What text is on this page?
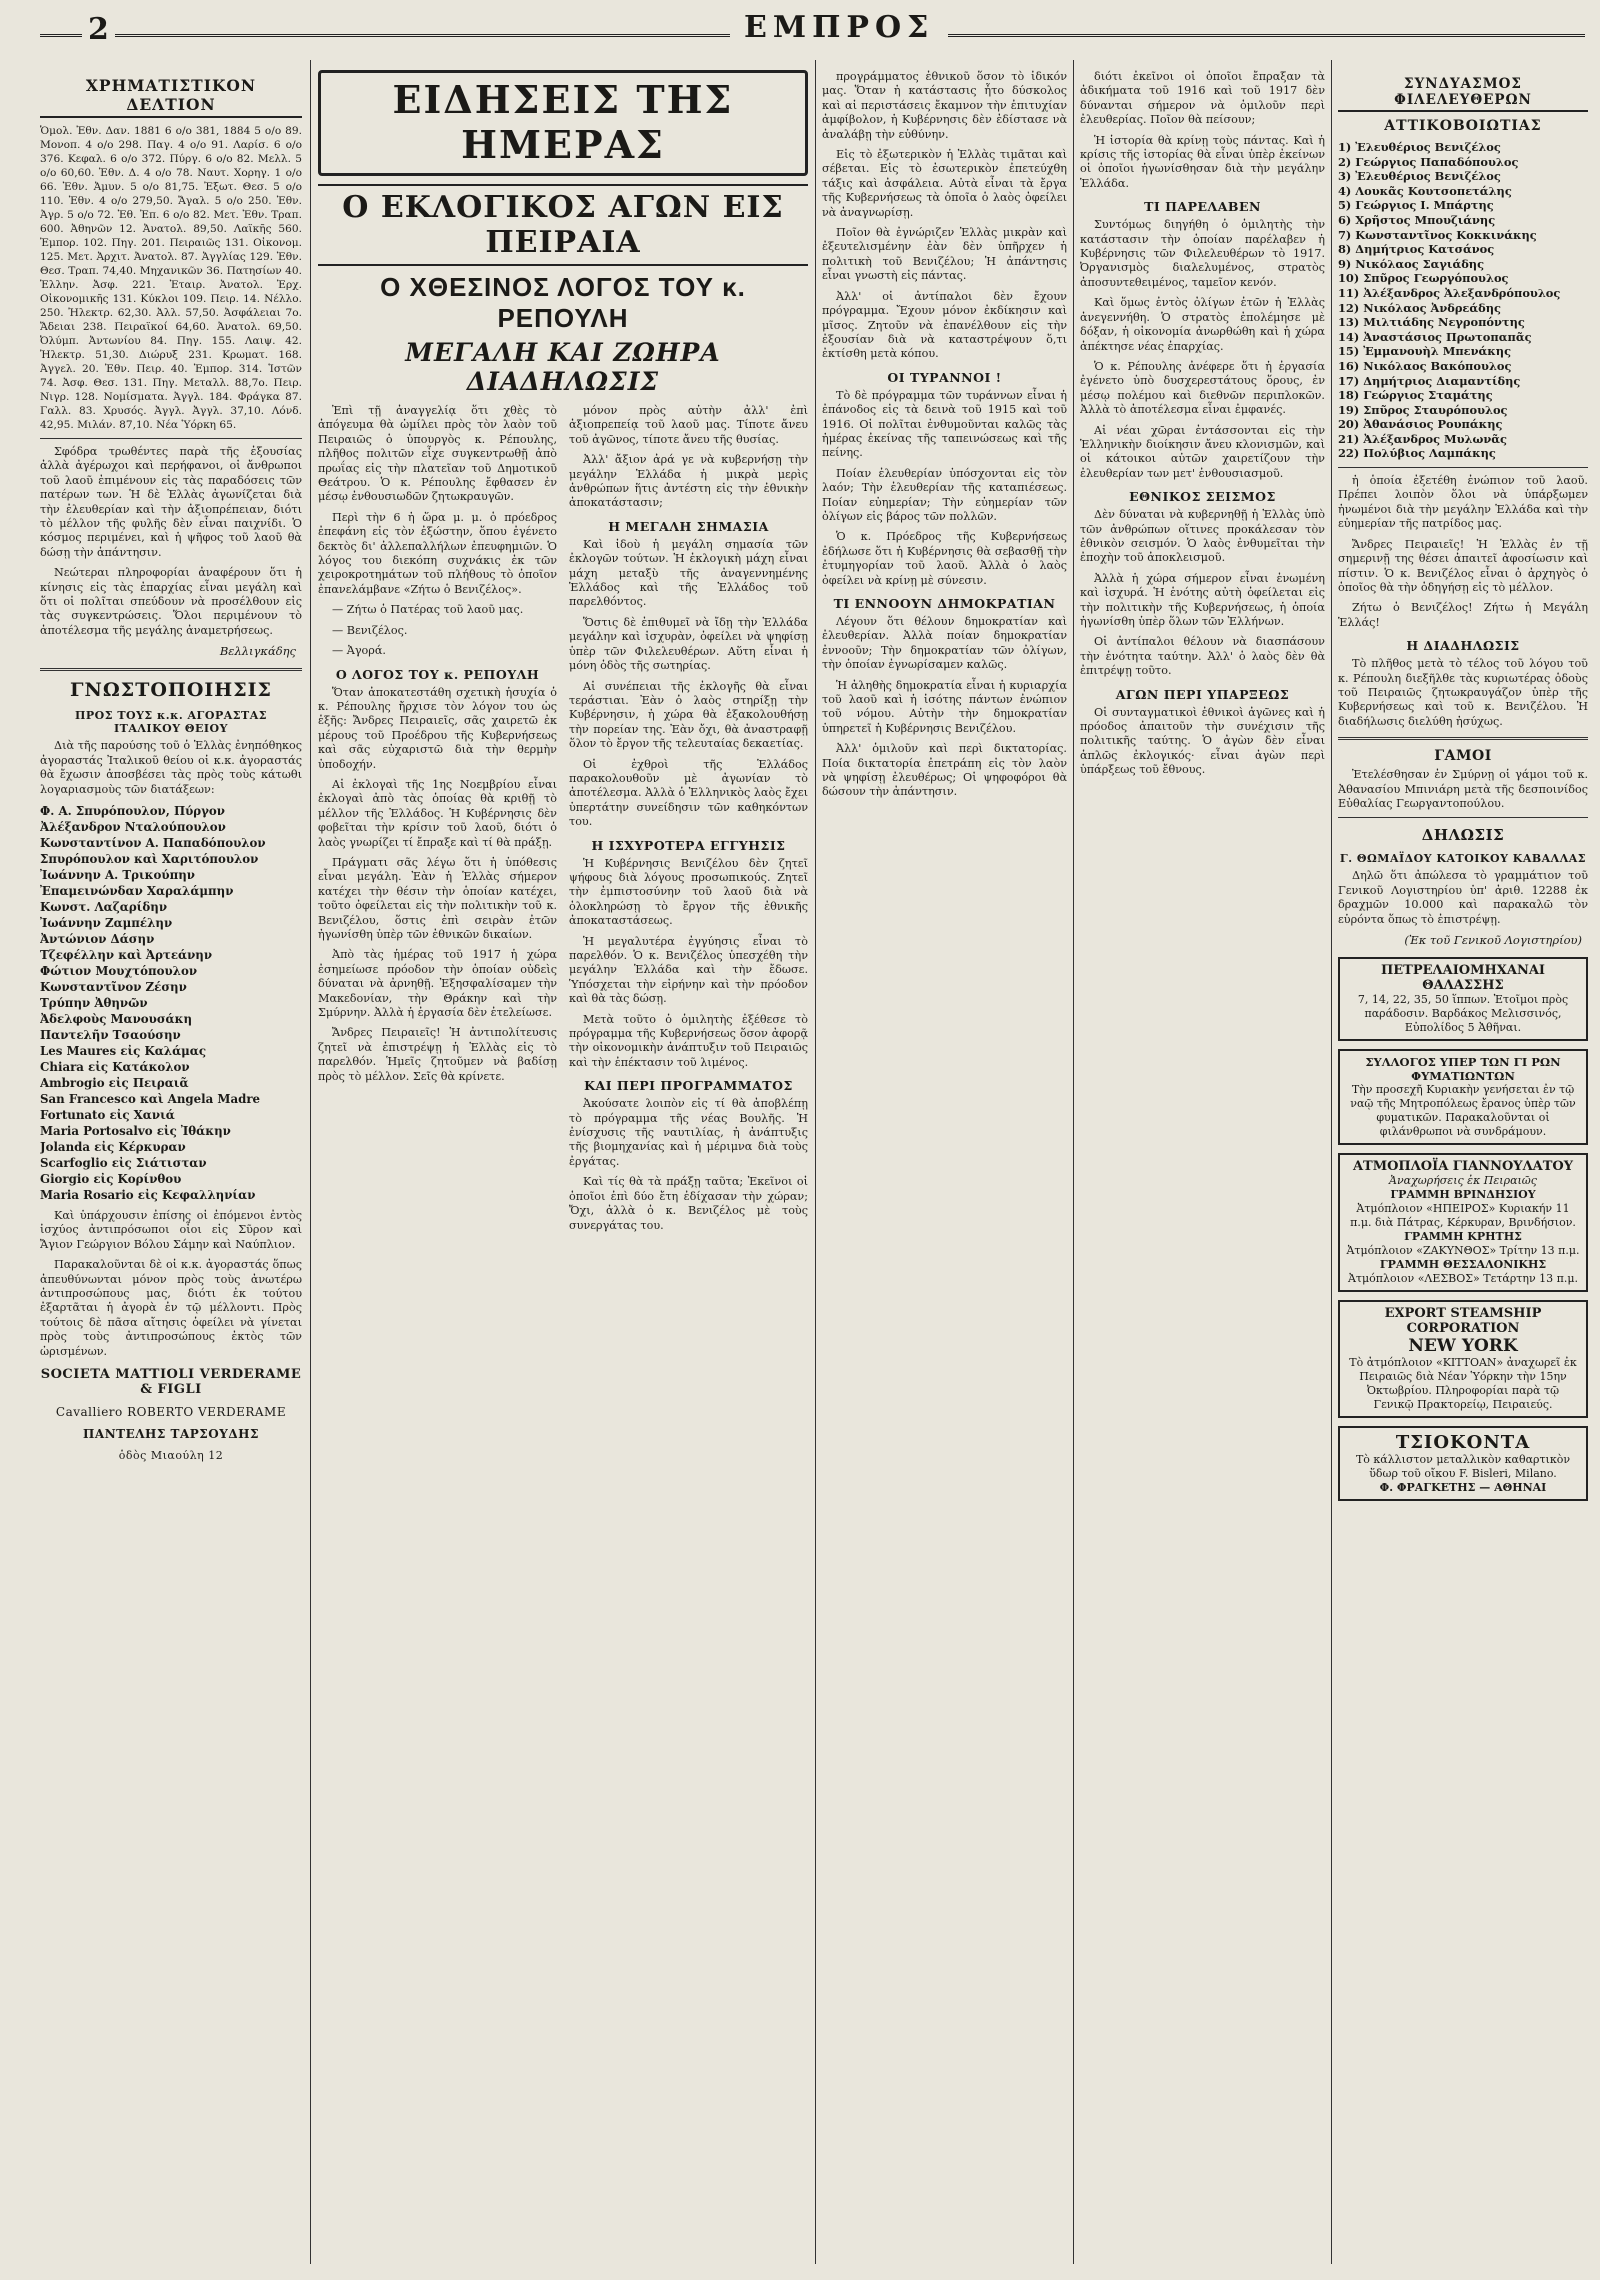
2	ΕΜΠΡΟΣ
ΧΡΗΜΑΤΙΣΤΙΚΟΝ ΔΕΛΤΙΟΝ

Ὁμολ. Ἐθν. Δαν. 1881 6 ο/ο 381, 1884 5 ο/ο 89. Μονοπ. 4 ο/ο 298. Παγ. 4 ο/ο 91. Λαρίσ. 6 ο/ο 376. Κεφαλ. 6 ο/ο 372. Πύργ. 6 ο/ο 82. Μελλ. 5 ο/ο 60,60. Ἐθν. Δ. 4 ο/ο 78. Ναυτ. Χορηγ. 1 ο/ο 66. Ἐθν. Ἀμυν. 5 ο/ο 81,75. Ἐξωτ. Θεσ. 5 ο/ο 110. Ἐθν. 4 ο/ο 279,50. Ἄγαλ. 5 ο/ο 250. Ἐθν. Ἀγρ. 5 ο/ο 72. Ἐθ. Ἐπ. 6 ο/ο 82. Μετ. Ἐθν. Τραπ. 600. Ἀθηνῶν 12. Ἀνατολ. 89,50. Λαϊκῆς 560. Ἐμπορ. 102. Πηγ. 201. Πειραιῶς 131. Οἰκονομ. 125. Μετ. Ἀρχιτ. Ἀνατολ. 87. Ἀγγλίας 129. Ἐθν. Θεσ. Τραπ. 74,40. Μηχανικῶν 36. Πατησίων 40. Ἑλλην. Ἀσφ. 221. Ἐταιρ. Ἀνατολ. Ἐρχ. Οἰκονομικῆς 131. Κύκλοι 109. Πειρ. 14. Νέλλο. 250. Ἠλεκτρ. 62,30. Ἀλλ. 57,50. Ἀσφάλειαι 7ο. Ἄδειαι 238. Πειραϊκοί 64,60. Ἀνατολ. 69,50. Ὀλύμπ. Ἀντωνίου 84. Πηγ. 155. Λαιψ. 42. Ἠλεκτρ. 51,30. Διώρυξ 231. Κρωματ. 168. Ἀγγελ. 20. Ἐθν. Πειρ. 40. Ἐμπορ. 314. Ἱστῶν 74. Ἀσφ. Θεσ. 131. Πηγ. Μεταλλ. 88,7ο. Πειρ. Νιγρ. 128. Νομίσματα. Ἀγγλ. 184. Φράγκα 87. Γαλλ. 83. Χρυσός. Ἀγγλ. Ἀγγλ. 37,10. Λόνδ. 42,95. Μιλάν. 87,10. Νέα Ὑόρκη 65.

Σφόδρα τρωθέντες παρὰ τῆς ἐξουσίας ἀλλὰ ἀγέρωχοι καὶ περήφανοι, οἱ ἄνθρωποι τοῦ λαοῦ ἐπιμένουν εἰς τὰς παραδόσεις τῶν πατέρων των. Ἡ δὲ Ἑλλὰς ἀγωνίζεται διὰ τὴν ἐλευθερίαν καὶ τὴν ἀξιοπρέπειαν, διότι τὸ μέλλον τῆς φυλῆς δὲν εἶναι παιχνίδι. Ὁ κόσμος περιμένει, καὶ ἡ ψῆφος τοῦ λαοῦ θὰ δώσῃ τὴν ἀπάντησιν.

Νεώτεραι πληροφορίαι ἀναφέρουν ὅτι ἡ κίνησις εἰς τὰς ἐπαρχίας εἶναι μεγάλη καὶ ὅτι οἱ πολῖται σπεύδουν νὰ προσέλθουν εἰς τὰς συγκεντρώσεις. Ὅλοι περιμένουν τὸ ἀποτέλεσμα τῆς μεγάλης ἀναμετρήσεως.

Βελλιγκάδης
ΓΝΩΣΤΟΠΟΙΗΣΙΣ
ΠΡΟΣ ΤΟΥΣ κ.κ. ΑΓΟΡΑΣΤΑΣ ΙΤΑΛΙΚΟΥ ΘΕΙΟΥ

Διὰ τῆς παρούσης τοῦ ὁ Ἑλλὰς ἐνηπόθηκος ἀγοραστάς Ἰταλικοῦ θείου οἱ κ.κ. ἀγοραστάς θὰ ἔχωσιν ἀποσβέσει τὰς πρὸς τοὺς κάτωθι λογαριασμοὺς τῶν διατάξεων:

Φ. Α. Σπυρόπουλον, Πύργον
Ἀλέξανδρον Νταλούπουλον
Κωνσταντίνον Α. Παπαδόπουλον
Σπυρόπουλον καὶ Χαριτόπουλον
Ἰωάννην Α. Τρικούπην
Ἐπαμεινώνδαν Χαραλάμπην
Κωνστ. Λαζαρίδην
Ἰωάννην Ζαμπέλην
Ἀντώνιον Δάσην
Τζεφέλλην καὶ Ἀρτεάνην
Φώτιον Μουχτόπουλον
Κωνσταντῖνον Ζέσην
Τρύπην Ἀθηνῶν
Ἀδελφοὺς Μανουσάκη
Παντελῆν Τσαούσην
Les Maures εἰς Καλάμας
Chiara εἰς Κατάκολον
Ambrogio εἰς Πειραιᾶ
San Francesco καὶ Angela Madre
Fortunato εἰς Χανιά
Maria Portosalvo εἰς Ἰθάκην
Jolanda εἰς Κέρκυραν
Scarfoglio εἰς Σιάτισταν
Giorgio εἰς Κορίνθου
Maria Rosario εἰς Κεφαλληνίαν

Καὶ ὑπάρχουσιν ἐπίσης οἱ ἐπόμενοι ἐντὸς ἰσχύος ἀντιπρόσωποι οἷοι εἰς Σῦρον καὶ Ἄγιον Γεώργιον Βόλου Σάμην καὶ Ναύπλιον.

Παρακαλοῦνται δὲ οἱ κ.κ. ἀγοραστάς ὅπως ἀπευθύνωνται μόνον πρὸς τοὺς ἀνωτέρω ἀντιπροσώπους μας, διότι ἐκ τούτου ἐξαρτᾶται ἡ ἀγορὰ ἐν τῷ μέλλοντι. Πρὸς τούτοις δὲ πᾶσα αἴτησις ὁφείλει νὰ γίνεται πρὸς τοὺς ἀντιπροσώπους ἐκτὸς τῶν ὡρισμένων.

SOCIETA MATTIOLI VERDERAME & FIGLI
Cavalliero ROBERTO VERDERAME
ΠΑΝΤΕΛΗΣ ΤΑΡΣΟΥΔΗΣ
ὁδὸς Μιαούλη 12
ΕΙΔΗΣΕΙΣ ΤΗΣ ΗΜΕΡΑΣ
Ο ΕΚΛΟΓΙΚΟΣ ΑΓΩΝ ΕΙΣ ΠΕΙΡΑΙΑ
Ο ΧΘΕΣΙΝΟΣ ΛΟΓΟΣ ΤΟΥ κ. ΡΕΠΟΥΛΗ
ΜΕΓΑΛΗ ΚΑΙ ΖΩΗΡΑ ΔΙΑΔΗΛΩΣΙΣ

Ἐπὶ τῇ ἀναγγελίᾳ ὅτι χθὲς τὸ ἀπόγευμα θὰ ὡμίλει πρὸς τὸν λαὸν τοῦ Πειραιῶς ὁ ὑπουργὸς κ. Ρέπουλης, πλῆθος πολιτῶν εἶχε συγκεντρωθῇ ἀπὸ πρωΐας εἰς τὴν πλατεῖαν τοῦ Δημοτικοῦ Θεάτρου. Ὁ κ. Ρέπουλης ἔφθασεν ἐν μέσῳ ἐνθουσιωδῶν ζητωκραυγῶν.

Περὶ τὴν 6 ἡ ὥρα μ. μ. ὁ πρόεδρος ἐπεφάνη εἰς τὸν ἐξώστην, ὅπου ἐγένετο δεκτὸς δι' ἀλλεπαλλήλων ἐπευφημιῶν. Ὁ λόγος του διεκόπη συχνάκις ἐκ τῶν χειροκροτημάτων τοῦ πλήθους τὸ ὁποῖον ἐπανελάμβανε «Ζήτω ὁ Βενιζέλος».

— Ζήτω ὁ Πατέρας τοῦ λαοῦ μας.

— Βενιζέλος.

— Ἀγορά.

Ο ΛΟΓΟΣ ΤΟΥ κ. ΡΕΠΟΥΛΗ

Ὅταν ἀποκατεστάθη σχετικὴ ἡσυχία ὁ κ. Ρέπουλης ἤρχισε τὸν λόγον του ὡς ἑξῆς: Ἄνδρες Πειραιεῖς, σᾶς χαιρετῶ ἐκ μέρους τοῦ Προέδρου τῆς Κυβερνήσεως καὶ σᾶς εὐχαριστῶ διὰ τὴν θερμὴν ὑποδοχήν.

Αἱ ἐκλογαὶ τῆς 1ης Νοεμβρίου εἶναι ἐκλογαὶ ἀπὸ τὰς ὁποίας θὰ κριθῇ τὸ μέλλον τῆς Ἑλλάδος. Ἡ Κυβέρνησις δὲν φοβεῖται τὴν κρίσιν τοῦ λαοῦ, διότι ὁ λαὸς γνωρίζει τί ἔπραξε καὶ τί θὰ πράξῃ.

Πράγματι σᾶς λέγω ὅτι ἡ ὑπόθεσις εἶναι μεγάλη. Ἐὰν ἡ Ἑλλὰς σήμερον κατέχει τὴν θέσιν τὴν ὁποίαν κατέχει, τοῦτο ὀφείλεται εἰς τὴν πολιτικὴν τοῦ κ. Βενιζέλου, ὅστις ἐπὶ σειρὰν ἐτῶν ἠγωνίσθη ὑπὲρ τῶν ἐθνικῶν δικαίων.

Ἀπὸ τὰς ἡμέρας τοῦ 1917 ἡ χώρα ἐσημείωσε πρόοδον τὴν ὁποίαν οὐδεὶς δύναται νὰ ἀρνηθῇ. Ἐξησφαλίσαμεν τὴν Μακεδονίαν, τὴν Θράκην καὶ τὴν Σμύρνην. Ἀλλὰ ἡ ἐργασία δὲν ἐτελείωσε.

Ἄνδρες Πειραιεῖς! Ἡ ἀντιπολίτευσις ζητεῖ νὰ ἐπιστρέψῃ ἡ Ἑλλὰς εἰς τὸ παρελθόν. Ἡμεῖς ζητοῦμεν νὰ βαδίσῃ πρὸς τὸ μέλλον. Σεῖς θὰ κρίνετε.

μόνον πρὸς αὐτὴν ἀλλ' ἐπὶ ἀξιοπρεπείᾳ τοῦ λαοῦ μας. Τίποτε ἄνευ τοῦ ἀγῶνος, τίποτε ἄνευ τῆς θυσίας.

Ἀλλ' ἄξιον ἀρά γε νὰ κυβερνήσῃ τὴν μεγάλην Ἑλλάδα ἡ μικρὰ μερὶς ἀνθρώπων ἥτις ἀντέστη εἰς τὴν ἐθνικὴν ἀποκατάστασιν;

Η ΜΕΓΑΛΗ ΣΗΜΑΣΙΑ

Καὶ ἰδοὺ ἡ μεγάλη σημασία τῶν ἐκλογῶν τούτων. Ἡ ἐκλογικὴ μάχη εἶναι μάχη μεταξὺ τῆς ἀναγεννημένης Ἑλλάδος καὶ τῆς Ἑλλάδος τοῦ παρελθόντος.

Ὅστις δὲ ἐπιθυμεῖ νὰ ἴδῃ τὴν Ἑλλάδα μεγάλην καὶ ἰσχυρὰν, ὀφείλει νὰ ψηφίσῃ ὑπὲρ τῶν Φιλελευθέρων. Αὕτη εἶναι ἡ μόνη ὁδὸς τῆς σωτηρίας.

Αἱ συνέπειαι τῆς ἐκλογῆς θὰ εἶναι τεράστιαι. Ἐὰν ὁ λαὸς στηρίξῃ τὴν Κυβέρνησιν, ἡ χώρα θὰ ἐξακολουθήσῃ τὴν πορείαν της. Ἐὰν ὄχι, θὰ ἀναστραφῇ ὅλον τὸ ἔργον τῆς τελευταίας δεκαετίας.

Οἱ ἐχθροὶ τῆς Ἑλλάδος παρακολουθοῦν μὲ ἀγωνίαν τὸ ἀποτέλεσμα. Ἀλλὰ ὁ Ἑλληνικὸς λαὸς ἔχει ὑπερτάτην συνείδησιν τῶν καθηκόντων του.

Η ΙΣΧΥΡΟΤΕΡΑ ΕΓΓΥΗΣΙΣ

Ἡ Κυβέρνησις Βενιζέλου δὲν ζητεῖ ψήφους διὰ λόγους προσωπικούς. Ζητεῖ τὴν ἐμπιστοσύνην τοῦ λαοῦ διὰ νὰ ὁλοκληρώσῃ τὸ ἔργον τῆς ἐθνικῆς ἀποκαταστάσεως.

Ἡ μεγαλυτέρα ἐγγύησις εἶναι τὸ παρελθόν. Ὁ κ. Βενιζέλος ὑπεσχέθη τὴν μεγάλην Ἑλλάδα καὶ τὴν ἔδωσε. Ὑπόσχεται τὴν εἰρήνην καὶ τὴν πρόοδον καὶ θὰ τὰς δώσῃ.

Μετὰ τοῦτο ὁ ὁμιλητὴς ἐξέθεσε τὸ πρόγραμμα τῆς Κυβερνήσεως ὅσον ἀφορᾷ τὴν οἰκονομικὴν ἀνάπτυξιν τοῦ Πειραιῶς καὶ τὴν ἐπέκτασιν τοῦ λιμένος.

ΚΑΙ ΠΕΡΙ ΠΡΟΓΡΑΜΜΑΤΟΣ

Ἀκούσατε λοιπὸν εἰς τί θὰ ἀποβλέπῃ τὸ πρόγραμμα τῆς νέας Βουλῆς. Ἡ ἐνίσχυσις τῆς ναυτιλίας, ἡ ἀνάπτυξις τῆς βιομηχανίας καὶ ἡ μέριμνα διὰ τοὺς ἐργάτας.

Καὶ τίς θὰ τὰ πράξῃ ταῦτα; Ἐκεῖνοι οἱ ὁποῖοι ἐπὶ δύο ἔτη ἐδίχασαν τὴν χώραν; Ὄχι, ἀλλὰ ὁ κ. Βενιζέλος μὲ τοὺς συνεργάτας του.

προγράμματος ἐθνικοῦ ὅσον τὸ ἰδικόν μας. Ὅταν ἡ κατάστασις ἦτο δύσκολος καὶ αἱ περιστάσεις ἔκαμνον τὴν ἐπιτυχίαν ἀμφίβολον, ἡ Κυβέρνησις δὲν ἐδίστασε νὰ ἀναλάβῃ τὴν εὐθύνην.

Εἰς τὸ ἐξωτερικὸν ἡ Ἑλλὰς τιμᾶται καὶ σέβεται. Εἰς τὸ ἐσωτερικὸν ἐπετεύχθη τάξις καὶ ἀσφάλεια. Αὐτὰ εἶναι τὰ ἔργα τῆς Κυβερνήσεως τὰ ὁποῖα ὁ λαὸς ὀφείλει νὰ ἀναγνωρίσῃ.

Ποῖον θὰ ἐγνώριζεν Ἑλλὰς μικρὰν καὶ ἐξευτελισμένην ἐὰν δὲν ὑπῆρχεν ἡ πολιτικὴ τοῦ Βενιζέλου; Ἡ ἀπάντησις εἶναι γνωστὴ εἰς πάντας.

Ἀλλ' οἱ ἀντίπαλοι δὲν ἔχουν πρόγραμμα. Ἔχουν μόνον ἐκδίκησιν καὶ μῖσος. Ζητοῦν νὰ ἐπανέλθουν εἰς τὴν ἐξουσίαν διὰ νὰ καταστρέψουν ὅ,τι ἐκτίσθη μετὰ κόπου.

ΟΙ ΤΥΡΑΝΝΟΙ !

Τὸ δὲ πρόγραμμα τῶν τυράννων εἶναι ἡ ἐπάνοδος εἰς τὰ δεινὰ τοῦ 1915 καὶ τοῦ 1916. Οἱ πολῖται ἐνθυμοῦνται καλῶς τὰς ἡμέρας ἐκείνας τῆς ταπεινώσεως καὶ τῆς πείνης.

Ποίαν ἐλευθερίαν ὑπόσχονται εἰς τὸν λαόν; Τὴν ἐλευθερίαν τῆς καταπιέσεως. Ποίαν εὐημερίαν; Τὴν εὐημερίαν τῶν ὀλίγων εἰς βάρος τῶν πολλῶν.

Ὁ κ. Πρόεδρος τῆς Κυβερνήσεως ἐδήλωσε ὅτι ἡ Κυβέρνησις θὰ σεβασθῇ τὴν ἐτυμηγορίαν τοῦ λαοῦ. Ἀλλὰ ὁ λαὸς ὀφείλει νὰ κρίνῃ μὲ σύνεσιν.

ΤΙ ΕΝΝΟΟΥΝ ΔΗΜΟΚΡΑΤΙΑΝ

Λέγουν ὅτι θέλουν δημοκρατίαν καὶ ἐλευθερίαν. Ἀλλὰ ποίαν δημοκρατίαν ἐννοοῦν; Τὴν δημοκρατίαν τῶν ὀλίγων, τὴν ὁποίαν ἐγνωρίσαμεν καλῶς.

Ἡ ἀληθὴς δημοκρατία εἶναι ἡ κυριαρχία τοῦ λαοῦ καὶ ἡ ἰσότης πάντων ἐνώπιον τοῦ νόμου. Αὐτὴν τὴν δημοκρατίαν ὑπηρετεῖ ἡ Κυβέρνησις Βενιζέλου.

Ἀλλ' ὁμιλοῦν καὶ περὶ δικτατορίας. Ποία δικτατορία ἐπετράπη εἰς τὸν λαὸν νὰ ψηφίσῃ ἐλευθέρως; Οἱ ψηφοφόροι θὰ δώσουν τὴν ἀπάντησιν.

διότι ἐκεῖνοι οἱ ὁποῖοι ἔπραξαν τὰ ἀδικήματα τοῦ 1916 καὶ τοῦ 1917 δὲν δύνανται σήμερον νὰ ὁμιλοῦν περὶ ἐλευθερίας. Ποῖον θὰ πείσουν;

Ἡ ἱστορία θὰ κρίνῃ τοὺς πάντας. Καὶ ἡ κρίσις τῆς ἱστορίας θὰ εἶναι ὑπὲρ ἐκείνων οἱ ὁποῖοι ἠγωνίσθησαν διὰ τὴν μεγάλην Ἑλλάδα.

ΤΙ ΠΑΡΕΛΑΒΕΝ

Συντόμως διηγήθη ὁ ὁμιλητὴς τὴν κατάστασιν τὴν ὁποίαν παρέλαβεν ἡ Κυβέρνησις τῶν Φιλελευθέρων τὸ 1917. Ὀργανισμὸς διαλελυμένος, στρατὸς ἀποσυντεθειμένος, ταμεῖον κενόν.

Καὶ ὅμως ἐντὸς ὀλίγων ἐτῶν ἡ Ἑλλὰς ἀνεγεννήθη. Ὁ στρατὸς ἐπολέμησε μὲ δόξαν, ἡ οἰκονομία ἀνωρθώθη καὶ ἡ χώρα ἀπέκτησε νέας ἐπαρχίας.

Ὁ κ. Ρέπουλης ἀνέφερε ὅτι ἡ ἐργασία ἐγένετο ὑπὸ δυσχερεστάτους ὅρους, ἐν μέσῳ πολέμου καὶ διεθνῶν περιπλοκῶν. Ἀλλὰ τὸ ἀποτέλεσμα εἶναι ἐμφανές.

Αἱ νέαι χῶραι ἐντάσσονται εἰς τὴν Ἑλληνικὴν διοίκησιν ἄνευ κλονισμῶν, καὶ οἱ κάτοικοι αὐτῶν χαιρετίζουν τὴν ἐλευθερίαν των μετ' ἐνθουσιασμοῦ.

ΕΘΝΙΚΟΣ ΣΕΙΣΜΟΣ

Δὲν δύναται νὰ κυβερνηθῇ ἡ Ἑλλὰς ὑπὸ τῶν ἀνθρώπων οἵτινες προκάλεσαν τὸν ἐθνικὸν σεισμόν. Ὁ λαὸς ἐνθυμεῖται τὴν ἐποχὴν τοῦ ἀποκλεισμοῦ.

Ἀλλὰ ἡ χώρα σήμερον εἶναι ἑνωμένη καὶ ἰσχυρά. Ἡ ἑνότης αὐτὴ ὀφείλεται εἰς τὴν πολιτικὴν τῆς Κυβερνήσεως, ἡ ὁποία ἠγωνίσθη ὑπὲρ ὅλων τῶν Ἑλλήνων.

Οἱ ἀντίπαλοι θέλουν νὰ διασπάσουν τὴν ἑνότητα ταύτην. Ἀλλ' ὁ λαὸς δὲν θὰ ἐπιτρέψῃ τοῦτο.

ΑΓΩΝ ΠΕΡΙ ΥΠΑΡΞΕΩΣ

Οἱ συνταγματικοὶ ἐθνικοὶ ἀγῶνες καὶ ἡ πρόοδος ἀπαιτοῦν τὴν συνέχισιν τῆς πολιτικῆς ταύτης. Ὁ ἀγὼν δὲν εἶναι ἁπλῶς ἐκλογικός· εἶναι ἀγὼν περὶ ὑπάρξεως τοῦ ἔθνους.

ΣΥΝΔΥΑΣΜΟΣ ΦΙΛΕΛΕΥΘΕΡΩΝ
ΑΤΤΙΚΟΒΟΙΩΤΙΑΣ
1) Ἐλευθέριος Βενιζέλος
2) Γεώργιος Παπαδόπουλος
3) Ἐλευθέριος Βενιζέλος
4) Λουκᾶς Κουτσοπετάλης
5) Γεώργιος Ι. Μπάρτης
6) Χρῆστος Μπουζιάνης
7) Κωνσταντῖνος Κοκκινάκης
8) Δημήτριος Κατσάνος
9) Νικόλαος Σαγιάδης
10) Σπῦρος Γεωργόπουλος
11) Ἀλέξανδρος Ἀλεξανδρόπουλος
12) Νικόλαος Ἀνδρεάδης
13) Μιλτιάδης Νεγροπόντης
14) Ἀναστάσιος Πρωτοπαπᾶς
15) Ἐμμανουὴλ Μπενάκης
16) Νικόλαος Βακόπουλος
17) Δημήτριος Διαμαντίδης
18) Γεώργιος Σταμάτης
19) Σπῦρος Σταυρόπουλος
20) Ἀθανάσιος Ρουπάκης
21) Ἀλέξανδρος Μυλωνᾶς
22) Πολύβιος Λαμπάκης

ἡ ὁποία ἐξετέθη ἐνώπιον τοῦ λαοῦ. Πρέπει λοιπὸν ὅλοι νὰ ὑπάρξωμεν ἡνωμένοι διὰ τὴν μεγάλην Ἑλλάδα καὶ τὴν εὐημερίαν τῆς πατρίδος μας.

Ἄνδρες Πειραιεῖς! Ἡ Ἑλλὰς ἐν τῇ σημερινῇ της θέσει ἀπαιτεῖ ἀφοσίωσιν καὶ πίστιν. Ὁ κ. Βενιζέλος εἶναι ὁ ἀρχηγὸς ὁ ὁποῖος θὰ τὴν ὁδηγήσῃ εἰς τὸ μέλλον.

Ζήτω ὁ Βενιζέλος! Ζήτω ἡ Μεγάλη Ἑλλάς!

Η ΔΙΑΔΗΛΩΣΙΣ

Τὸ πλῆθος μετὰ τὸ τέλος τοῦ λόγου τοῦ κ. Ρέπουλη διεξῆλθε τὰς κυριωτέρας ὁδοὺς τοῦ Πειραιῶς ζητωκραυγάζον ὑπὲρ τῆς Κυβερνήσεως καὶ τοῦ κ. Βενιζέλου. Ἡ διαδήλωσις διελύθη ἡσύχως.

ΓΑΜΟΙ

Ἐτελέσθησαν ἐν Σμύρνῃ οἱ γάμοι τοῦ κ. Ἀθανασίου Μπινιάρη μετὰ τῆς δεσποινίδος Εὐθαλίας Γεωργαντοπούλου.

ΔΗΛΩΣΙΣ
Γ. ΘΩΜΑΪΔΟΥ ΚΑΤΟΙΚΟΥ ΚΑΒΑΛΛΑΣ

Δηλῶ ὅτι ἀπώλεσα τὸ γραμμάτιον τοῦ Γενικοῦ Λογιστηρίου ὑπ' ἀριθ. 12288 ἐκ δραχμῶν 10.000 καὶ παρακαλῶ τὸν εὑρόντα ὅπως τὸ ἐπιστρέψῃ.

(Ἐκ τοῦ Γενικοῦ Λογιστηρίου)
ΠΕΤΡΕΛΑΙΟΜΗΧΑΝΑΙ ΘΑΛΑΣΣΗΣ
7, 14, 22, 35, 50 ἵππων. Ἑτοῖμοι πρὸς παράδοσιν. Βαρδάκος Μελισσινός, Εὐπολίδος 5 Ἀθῆναι.
ΣΥΛΛΟΓΟΣ ΥΠΕΡ ΤΩΝ ΓΙ ΡΩΝ ΦΥΜΑΤΙΩΝΤΩΝ
Τὴν προσεχῆ Κυριακὴν γενήσεται ἐν τῷ ναῷ τῆς Μητροπόλεως ἔρανος ὑπὲρ τῶν φυματικῶν. Παρακαλοῦνται οἱ φιλάνθρωποι νὰ συνδράμουν.
ΑΤΜΟΠΛΟΪΑ ΓΙΑΝΝΟΥΛΑΤΟΥ
Ἀναχωρήσεις ἐκ Πειραιῶς
ΓΡΑΜΜΗ ΒΡΙΝΔΗΣΙΟΥ
Ἀτμόπλοιον «ΗΠΕΙΡΟΣ» Κυριακήν 11 π.μ. διὰ Πάτρας, Κέρκυραν, Βρινδήσιον.
ΓΡΑΜΜΗ ΚΡΗΤΗΣ
Ἀτμόπλοιον «ΖΑΚΥΝΘΟΣ» Τρίτην 13 π.μ.
ΓΡΑΜΜΗ ΘΕΣΣΑΛΟΝΙΚΗΣ
Ἀτμόπλοιον «ΛΕΣΒΟΣ» Τετάρτην 13 π.μ.
EXPORT STEAMSHIP CORPORATION
NEW YORK
Τὸ ἀτμόπλοιον «ΚΙΤΤΟΑΝ» ἀναχωρεῖ ἐκ Πειραιῶς διὰ Νέαν Ὑόρκην τὴν 15ην Ὀκτωβρίου. Πληροφορίαι παρὰ τῷ Γενικῷ Πρακτορείῳ, Πειραιεύς.
ΤΣΙΟΚΟΝΤΑ
Τὸ κάλλιστον μεταλλικὸν καθαρτικὸν ὕδωρ τοῦ οἴκου F. Bisleri, Milano.
Φ. ΦΡΑΓΚΕΤΗΣ — ΑΘΗΝΑΙ
